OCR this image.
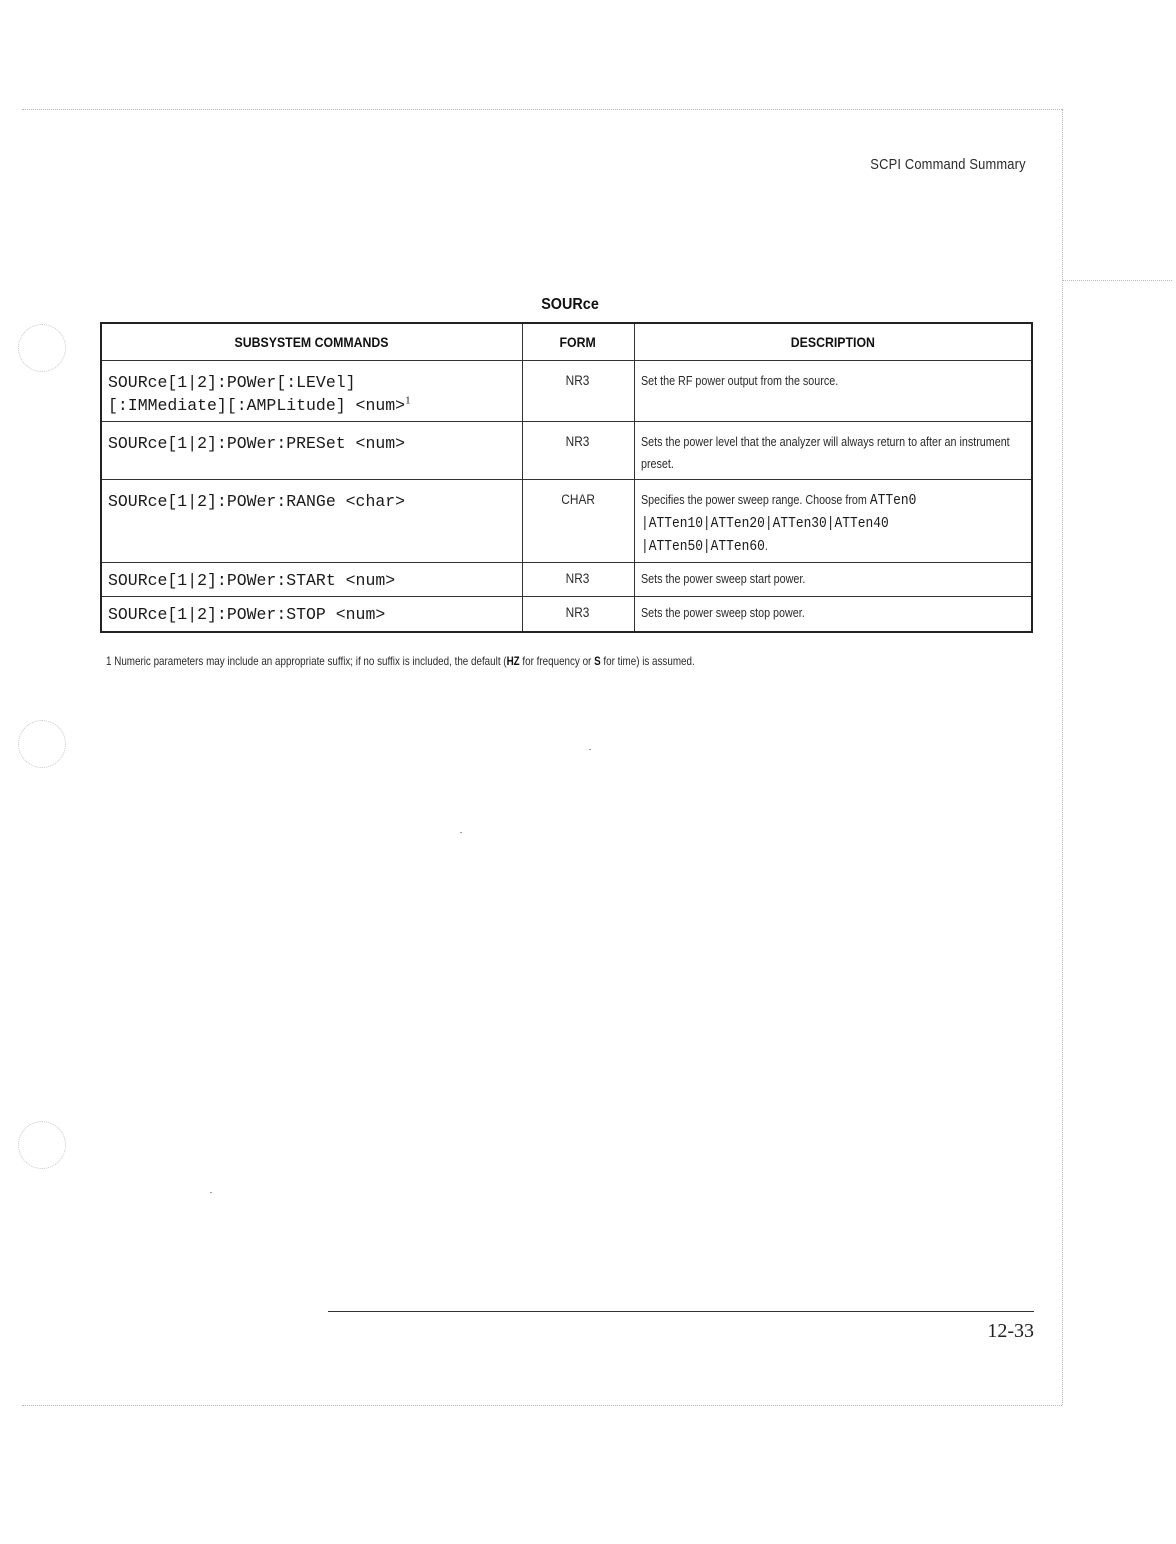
SCPI Command Summary
SOURce
SUBSYSTEM COMMANDS	FORM	DESCRIPTION
SOURce[1|2]:POWer[:LEVel]
[:IMMediate][:AMPLitude] <num>$^1$	NR3	Set the RF power output from the source.
SOURce[1|2]:POWer:PRESet <num>	NR3	Sets the power level that the analyzer will always return to after an instrument preset.
SOURce[1|2]:POWer:RANGe <char>	CHAR	Specifies the power sweep range. Choose from ATTen0 |ATTen10|ATTen20|ATTen30|ATTen40 |ATTen50|ATTen60.
SOURce[1|2]:POWer:STARt <num>	NR3	Sets the power sweep start power.
SOURce[1|2]:POWer:STOP <num>	NR3	Sets the power sweep stop power.
1 Numeric parameters may include an appropriate suffix; if no suffix is included, the default (HZ for frequency or S for time) is assumed.
12-33
